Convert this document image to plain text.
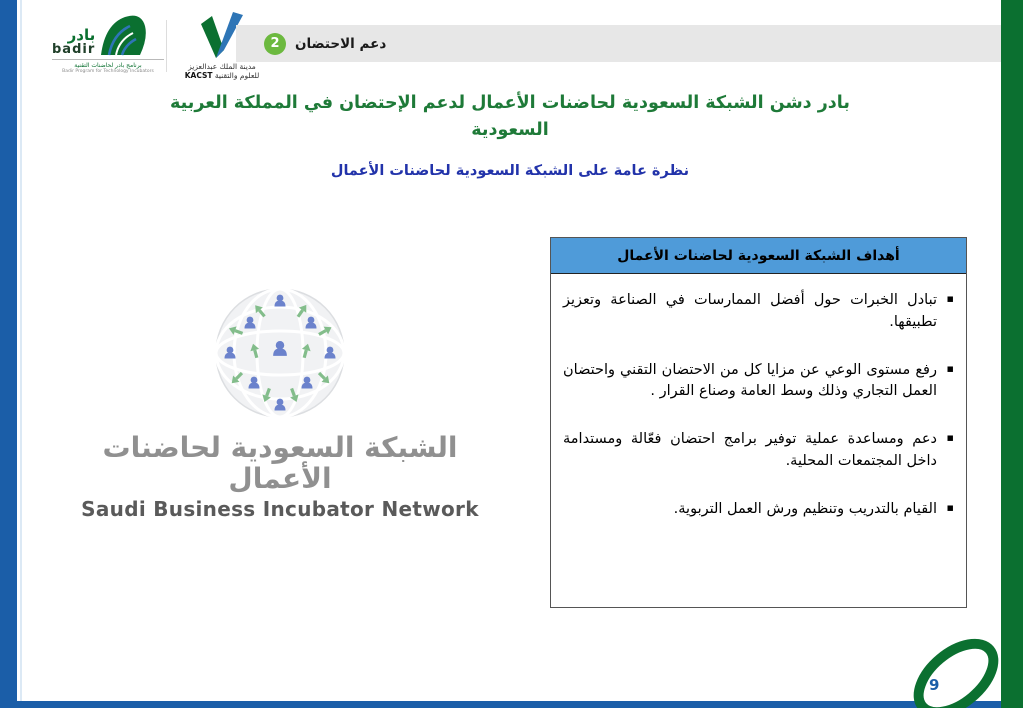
بادر
badir
برنامج بادر لحاضنات التقنية
Badir Program for Technology Incubators
مدينة الملك عبدالعزيز
للعلوم والتقنية KACST
2	دعم الاحتضان
بادر دشن الشبكة السعودية لحاضنات الأعمال لدعم الإحتضان في المملكة العربية السعودية
نظرة عامة على الشبكة السعودية لحاضنات الأعمال
الشبكة السعودية لحاضنات الأعمال
Saudi Business Incubator Network
أهداف الشبكة السعودية لحاضنات الأعمال
▪
تبادل الخبرات حول أفضل الممارسات في الصناعة وتعزيز تطبيقها.
▪
رفع مستوى الوعي عن مزايا كل من الاحتضان التقني واحتضان العمل التجاري وذلك وسط العامة وصناع القرار .
▪
دعم ومساعدة عملية توفير برامج احتضان فعّالة ومستدامة داخل المجتمعات المحلية.
▪
القيام بالتدريب وتنظيم ورش العمل التربوية.
9
